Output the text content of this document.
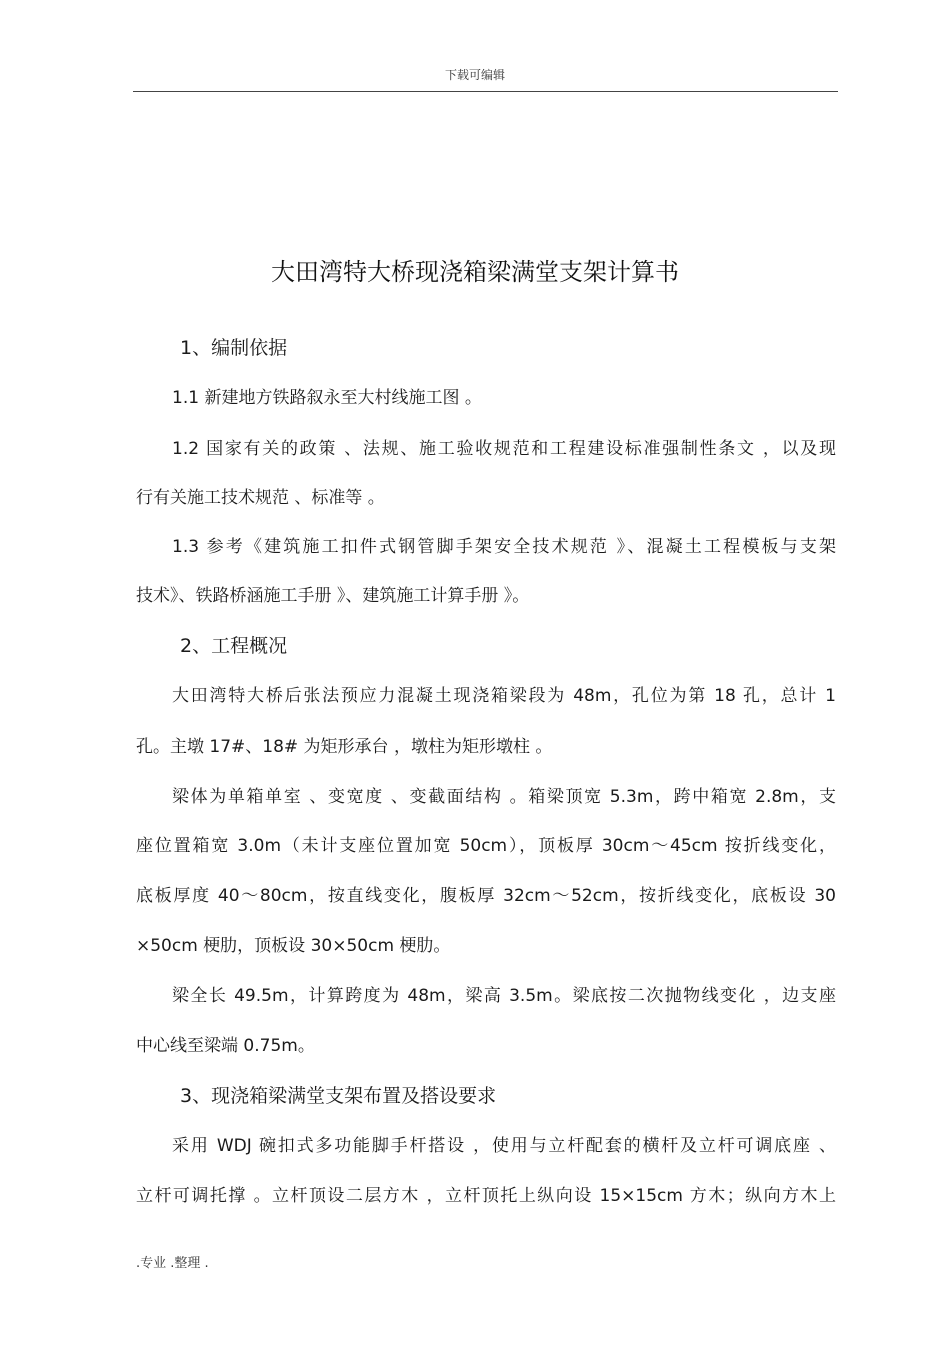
下载可编辑
大田湾特大桥现浇箱梁满堂支架计算书
1、编制依据
1.1 新建地方铁路叙永至大村线施工图 。
1.2 国家有关的政策 、法规、施工验收规范和工程建设标准强制性条文 ，以及现
行有关施工技术规范 、标准等 。
1.3 参考《建筑施工扣件式钢管脚手架安全技术规范 》、混凝土工程模板与支架
技术》、铁路桥涵施工手册 》、建筑施工计算手册 》。
2、工程概况
大田湾特大桥后张法预应力混凝土现浇箱梁段为 48m，孔位为第 18 孔，总计 1
孔。主墩 17#、18# 为矩形承台 ，墩柱为矩形墩柱 。
梁体为单箱单室 、变宽度 、变截面结构 。箱梁顶宽 5.3m，跨中箱宽 2.8m，支
座位置箱宽 3.0m（未计支座位置加宽 50cm），顶板厚 30cm～45cm 按折线变化，
底板厚度 40～80cm，按直线变化，腹板厚 32cm～52cm，按折线变化，底板设 30
×50cm 梗肋，顶板设 30×50cm 梗肋。
梁全长 49.5m，计算跨度为 48m，梁高 3.5m。梁底按二次抛物线变化 ，边支座
中心线至梁端 0.75m。
3、现浇箱梁满堂支架布置及搭设要求
采用 WDJ 碗扣式多功能脚手杆搭设 ，使用与立杆配套的横杆及立杆可调底座 、
立杆可调托撑 。立杆顶设二层方木 ，立杆顶托上纵向设 15×15cm 方木；纵向方木上
.专业 .整理 .
